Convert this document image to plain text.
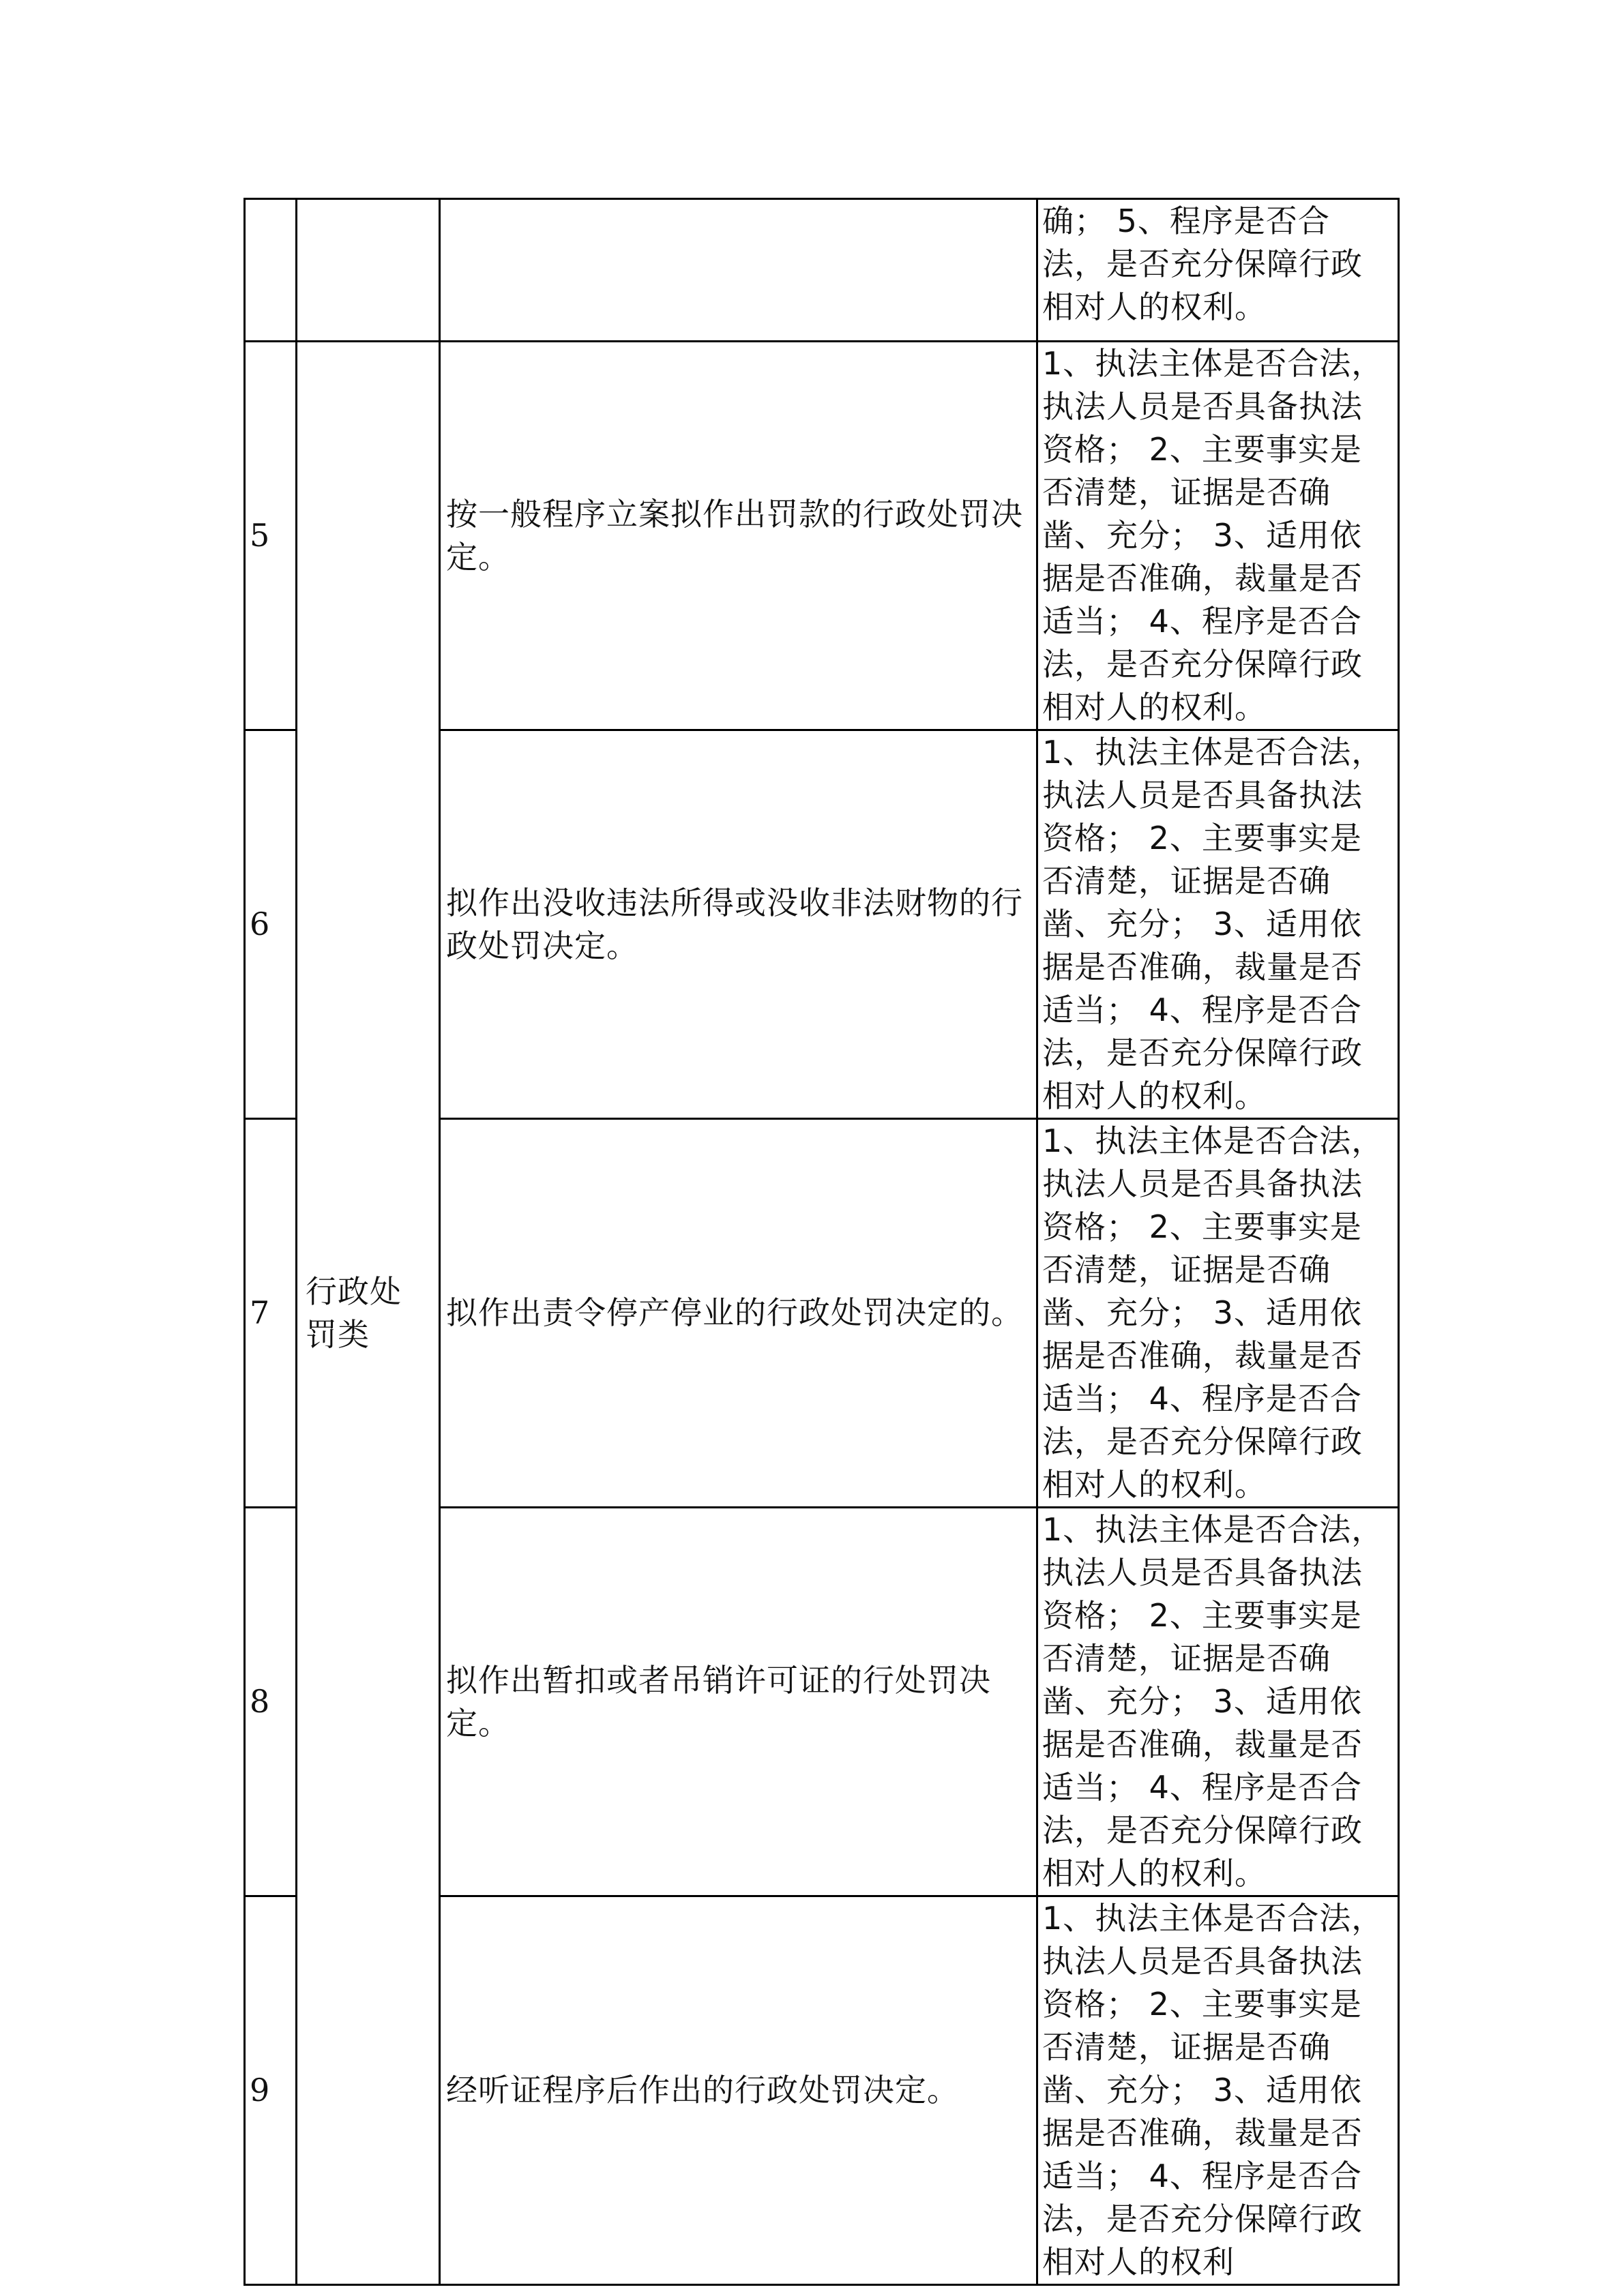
			确； 5、程序是否合法，是否充分保障行政相对人的权利。
5	行政处罚类	按一般程序立案拟作出罚款的行政处罚决定。	1、执法主体是否合法，执法人员是否具备执法资格； 2、主要事实是否清楚，证据是否确凿、充分； 3、适用依据是否准确，裁量是否适当； 4、程序是否合法，是否充分保障行政相对人的权利。
6		拟作出没收违法所得或没收非法财物的行政处罚决定。	1、执法主体是否合法，执法人员是否具备执法资格； 2、主要事实是否清楚，证据是否确凿、充分； 3、适用依据是否准确，裁量是否适当； 4、程序是否合法，是否充分保障行政相对人的权利。
7		拟作出责令停产停业的行政处罚决定的。	1、执法主体是否合法，执法人员是否具备执法资格； 2、主要事实是否清楚，证据是否确凿、充分； 3、适用依据是否准确，裁量是否适当； 4、程序是否合法，是否充分保障行政相对人的权利。
8		拟作出暂扣或者吊销许可证的行处罚决定。	1、执法主体是否合法，执法人员是否具备执法资格； 2、主要事实是否清楚，证据是否确凿、充分； 3、适用依据是否准确，裁量是否适当； 4、程序是否合法，是否充分保障行政相对人的权利。
9		经听证程序后作出的行政处罚决定。	1、执法主体是否合法，执法人员是否具备执法资格； 2、主要事实是否清楚，证据是否确凿、充分； 3、适用依据是否准确，裁量是否适当； 4、程序是否合法，是否充分保障行政相对人的权利
